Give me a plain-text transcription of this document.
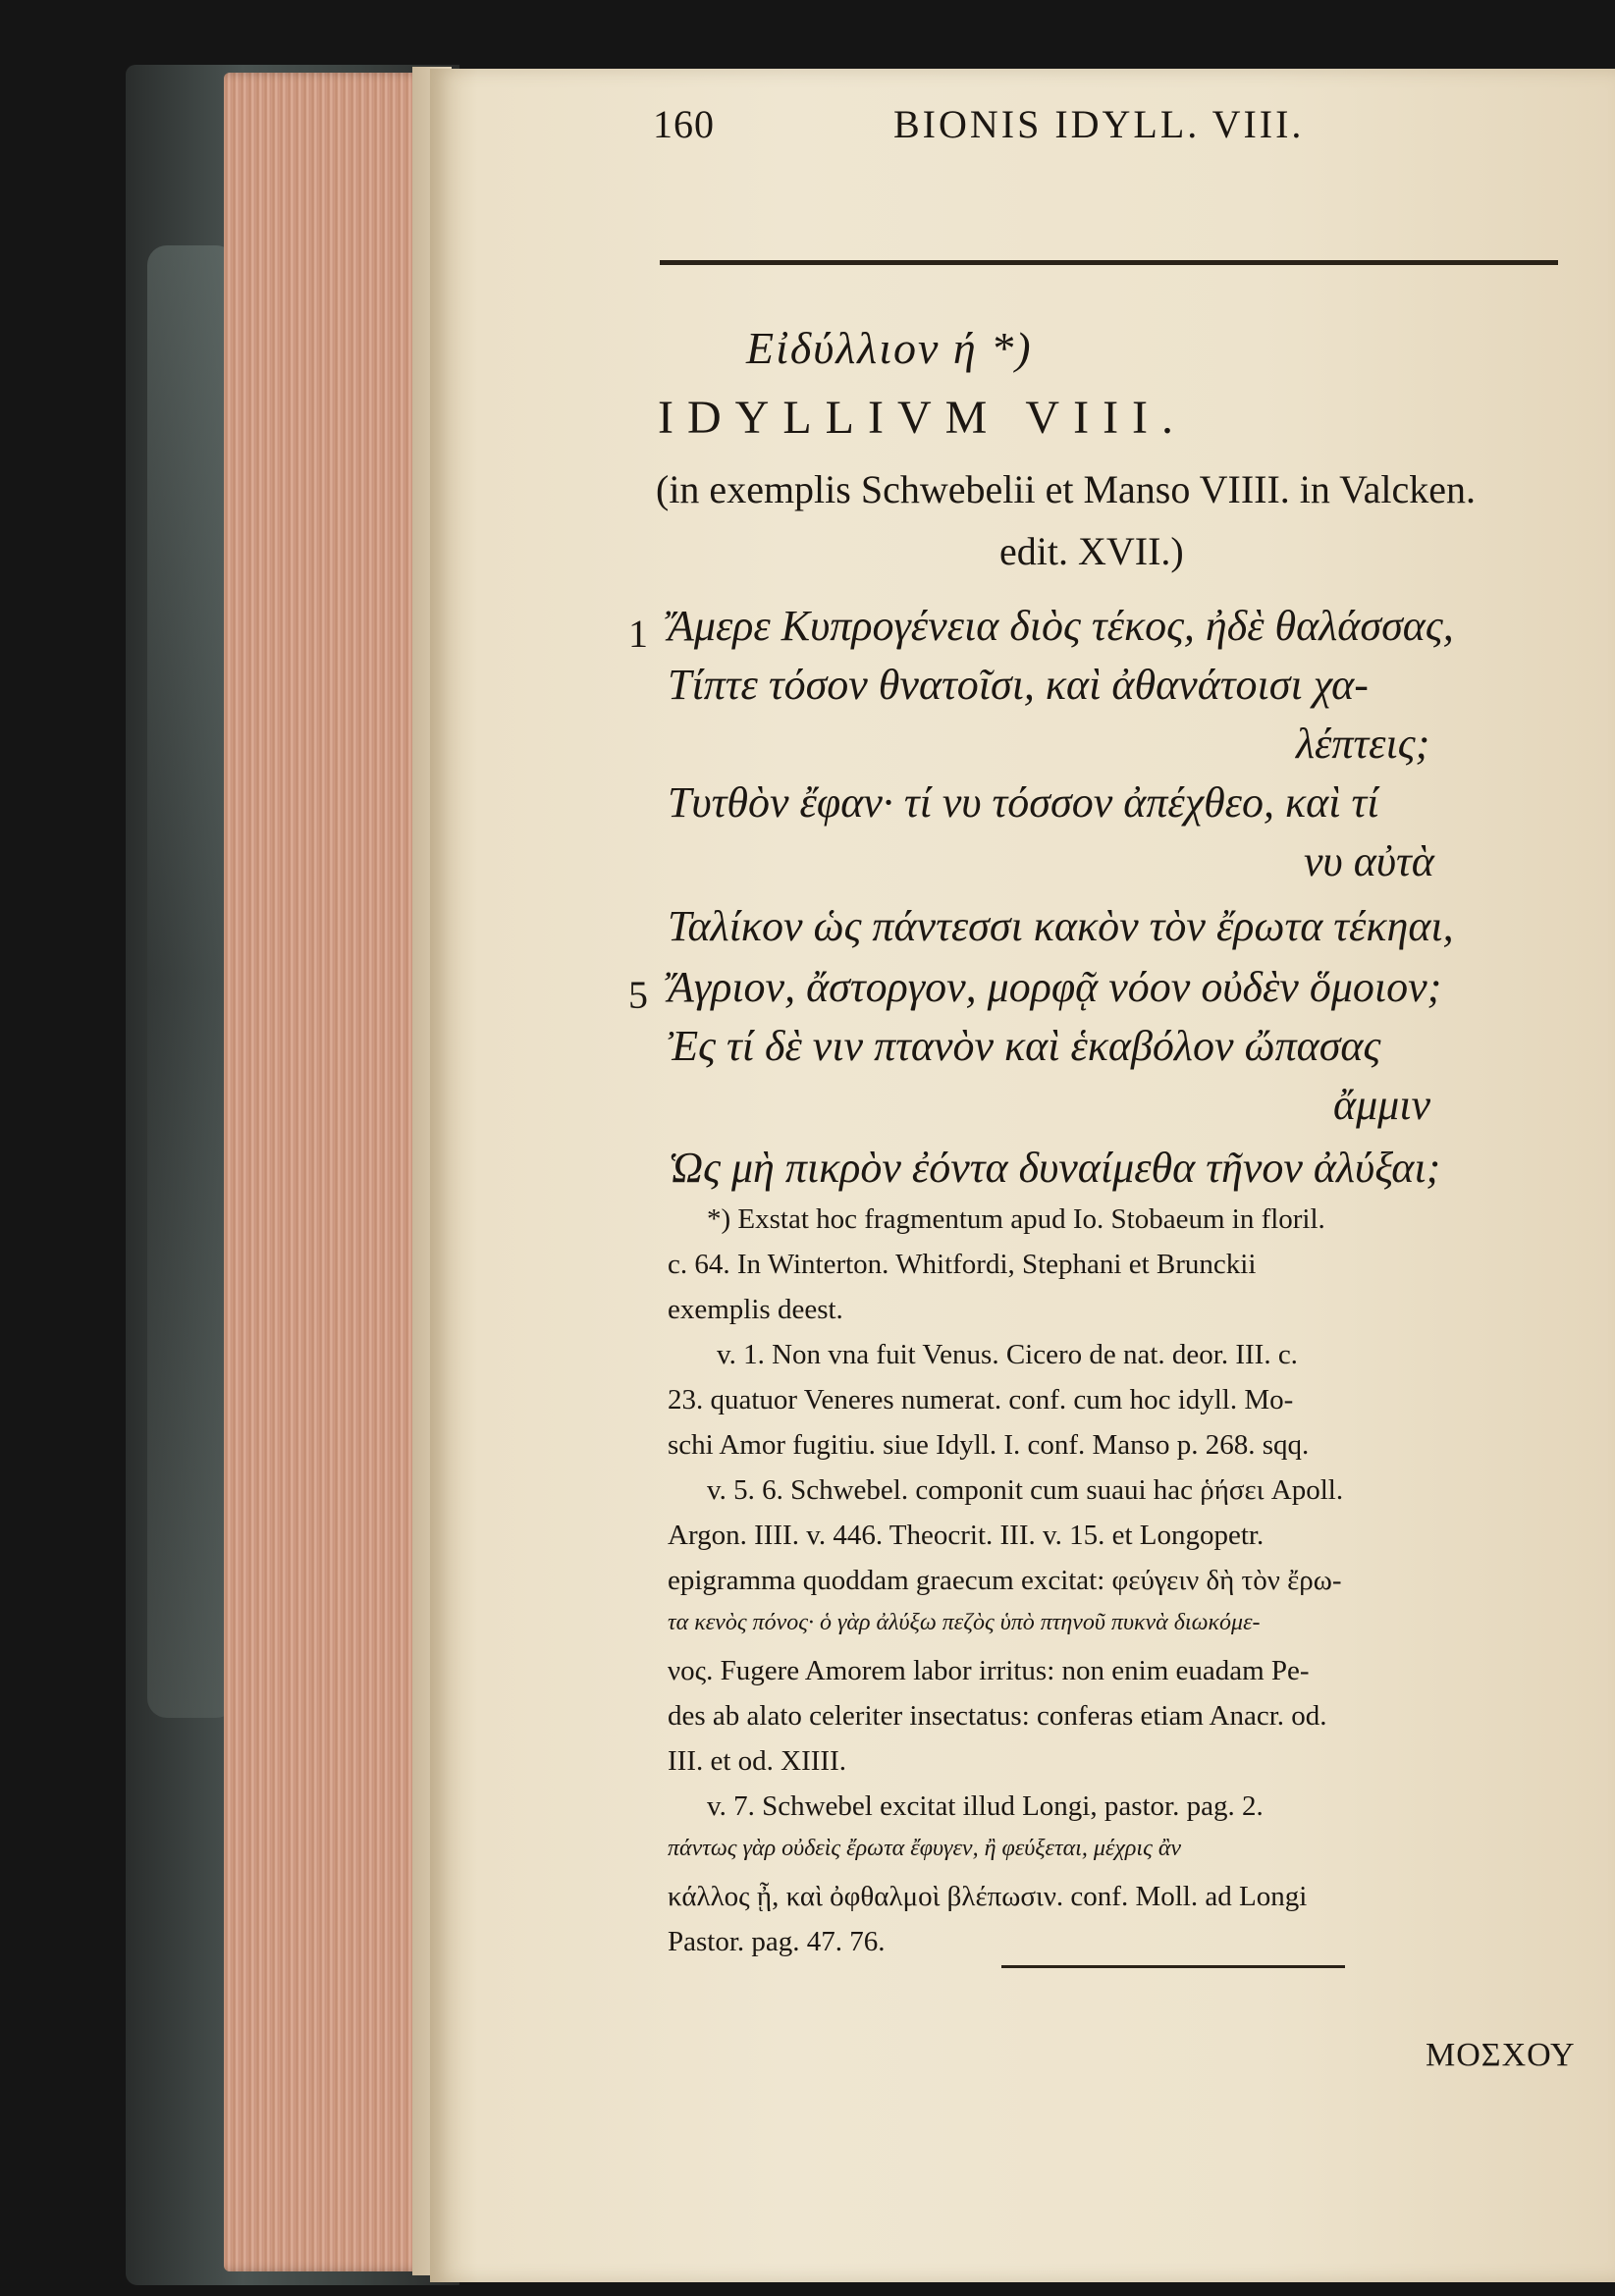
160	BIONIS IDYLL. VIII.
Εἰδύλλιον ή *)
IDYLLIVM VIII.
(in exemplis Schwebelii et Manso VIIII. in Valcken.
edit. XVII.)
1
5
Ἄμερε Κυπρογένεια διὸς τέκος, ἠδὲ θαλάσσας,
Τίπτε τόσον θνατοῖσι, καὶ ἀθανάτοισι χα-
λέπτεις;
Τυτθὸν ἔφαν· τί νυ τόσσον ἀπέχθεο, καὶ τί
νυ αὐτὰ
Ταλίκον ὡς πάντεσσι κακὸν τὸν ἔρωτα τέκηαι,
Ἄγριον, ἄστοργον, μορφᾷ νόον οὐδὲν ὅμοιον;
Ἐς τί δὲ νιν πτανὸν καὶ ἑκαβόλον ὤπασας
ἄμμιν
Ὡς μὴ πικρὸν ἐόντα δυναίμεθα τῆνον ἀλύξαι;
*) Exstat hoc fragmentum apud Io. Stobaeum in floril.
c. 64. In Winterton. Whitfordi, Stephani et Brunckii
exemplis deest.
v. 1. Non vna fuit Venus. Cicero de nat. deor. III. c.
23. quatuor Veneres numerat. conf. cum hoc idyll. Mo-
schi Amor fugitiu. siue Idyll. I. conf. Manso p. 268. sqq.
v. 5. 6. Schwebel. componit cum suaui hac ῥήσει Apoll.
Argon. IIII. v. 446. Theocrit. III. v. 15. et Longopetr.
epigramma quoddam graecum excitat: φεύγειν δὴ τὸν ἔρω-
τα κενὸς πόνος· ὁ γὰρ ἀλύξω πεζὸς ὑπὸ πτηνοῦ πυκνὰ διωκόμε-
νος. Fugere Amorem labor irritus: non enim euadam Pe-
des ab alato celeriter insectatus: conferas etiam Anacr. od.
III. et od. XIIII.
v. 7. Schwebel excitat illud Longi, pastor. pag. 2.
πάντως γὰρ οὐδεὶς ἔρωτα ἔφυγεν, ἢ φεύξεται, μέχρις ἂν
κάλλος ᾖ, καὶ ὀφθαλμοὶ βλέπωσιν. conf. Moll. ad Longi
Pastor. pag. 47. 76.
ΜΟΣΧΟΥ
